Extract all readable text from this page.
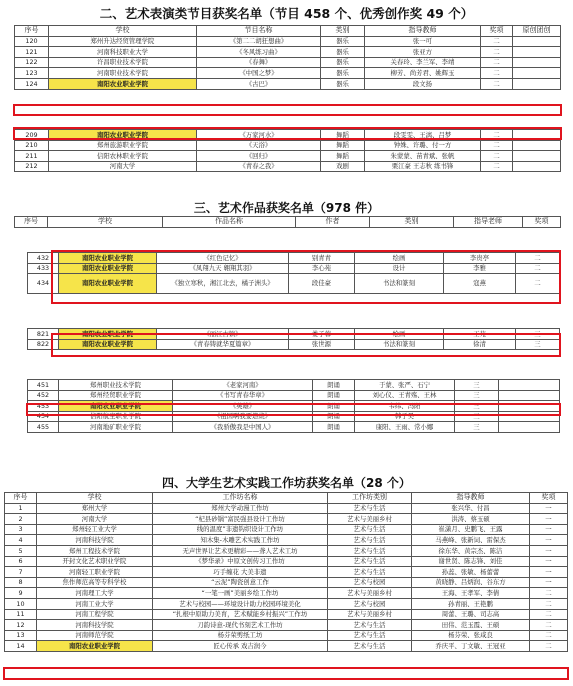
二、艺术表演类节目获奖名单（节目 458 个、优秀创作奖 49 个）
序号	学校	节目名称	类别	指导教师	奖项	原创团创
120	郑州升达经贸管理学院	《第二二胡狂想曲》	器乐	张一可	二	
121	河南科技职业大学	《冬风练习曲》	器乐	张亚方	二	
122	许昌职业技术学院	《春舞》	器乐	关春玲、李兰军、李靖	二	
123	河南职业技术学院	《中国之梦》	器乐	柳芳、尚芳君、姚辉玉	二	
124	南阳农业职业学院	《古巴》	器乐	段文扬	二	
209	南阳农业职业学院	《万家河水》	舞蹈	段雯雯、王漓、吕梦	二	
210	郑州旅游职业学院	《天浴》	舞蹈	钟姝、许璐、付一方	二	
211	信阳农林职业学院	《回归》	舞蹈	朱蒙蒙、苗青斌、张帆	二	
212	河南大学	《青春之我》	戏剧	栗江豪 王志秋 练书锋	二	
三、艺术作品获奖名单（978 件）
序号	学校	作品名称	作者	类别	指导老师	奖项
432	南阳农业职业学院	《红色记忆》	别青青	绘画	李贵亭	二
433	南阳农业职业学院	《凤翔九天 翱翔其羽》	李心苑	设计	李雅	二
434	南阳农业职业学院	《独立寒秋，湘江北去，橘子洲头》	段佳豪	书法和篆刻	寇燕	二
821	南阳农业职业学院	《丽江古镇》	娄子蓉	绘画	王苑	三
822	南阳农业职业学院	《青春铸就华夏篇章》	张世源	书法和篆刻	徐清	三
451	郑州职业技术学院	《老家河南》	朗诵	于蒙、张严、石宁	三	
452	郑州经贸职业学院	《书写青春华章》	朗诵	刘心仪、王青殇、王林	三	
453	南阳农业职业学院	《英雄》	朗诵	韦纬、冯阳	三	
454	信阳航空职业学院	《祖国啊我要燃烧》	朗诵	韩子昊	三	
455	河南地矿职业学院	《我骄傲我是中国人》	朗诵	康阳、王雨、常小娜	三	
四、大学生艺术实践工作坊获奖名单（28 个）
序号	学校	工作坊名称	工作坊类别	指导教师	奖项
1	郑州大学	郑州大学动漫工作坊	艺术与生活	张兴华、付昌	一
2	河南大学	“杞县砂锅”富民强县设计工作坊	艺术与美丽乡村	洪涛、蔡玉硕	一
3	郑州轻工业大学	线的温度”非遗钩织设计工作坊	艺术与生活	崔潇月、史鹏飞、王露	一
4	河南科技学院	知木集-木雕艺术实践工作坊	艺术与生活	马燕峰、张新词、雷保杰	一
5	郑州工程技术学院	无声世界让艺术更精彩——聋人艺术工坊	艺术与生活	徐东华、黄宗杰、陈洁	一
6	开封文化艺术职业学院	《梦华录》中原文创传习工作坊	艺术与生活	谢世贤、陈志锋、刘佳	一
7	河南轻工职业学院	巧手缠花 大美非遗	艺术与生活	孙蕊、张敏、杨蕾蕾	一
8	焦作师范高等专科学校	“云泥”陶瓷创意工作	艺术与校园	黄晓静、吕炳润、谷东方	一
9	河南理工大学	“一笔一画”美丽乡绘工作坊	艺术与美丽乡村	王海、王孝军、李倩	二
10	河南工业大学	艺术与校园——环境设计助力校园环境美化	艺术与校园	孙青丽、王艳鹏	二
11	河南工程学院	“扎根中原助力美育，艺术赋能乡村振兴”工作坊	艺术与美丽乡村	周蕾、王璐、司志高	二
12	河南科技学院	刀韵诗意-现代书刻艺术工作坊	艺术与生活	田伟、范玉霞、王硕	二
13	河南师范学院	杨芬荣剪纸工坊	艺术与生活	杨芬荣、张咸良	二
14	南阳农业职业学院	匠心传承 戏吉润今	艺术与生活	乔庆平、丁文敏、王冠亚	二
